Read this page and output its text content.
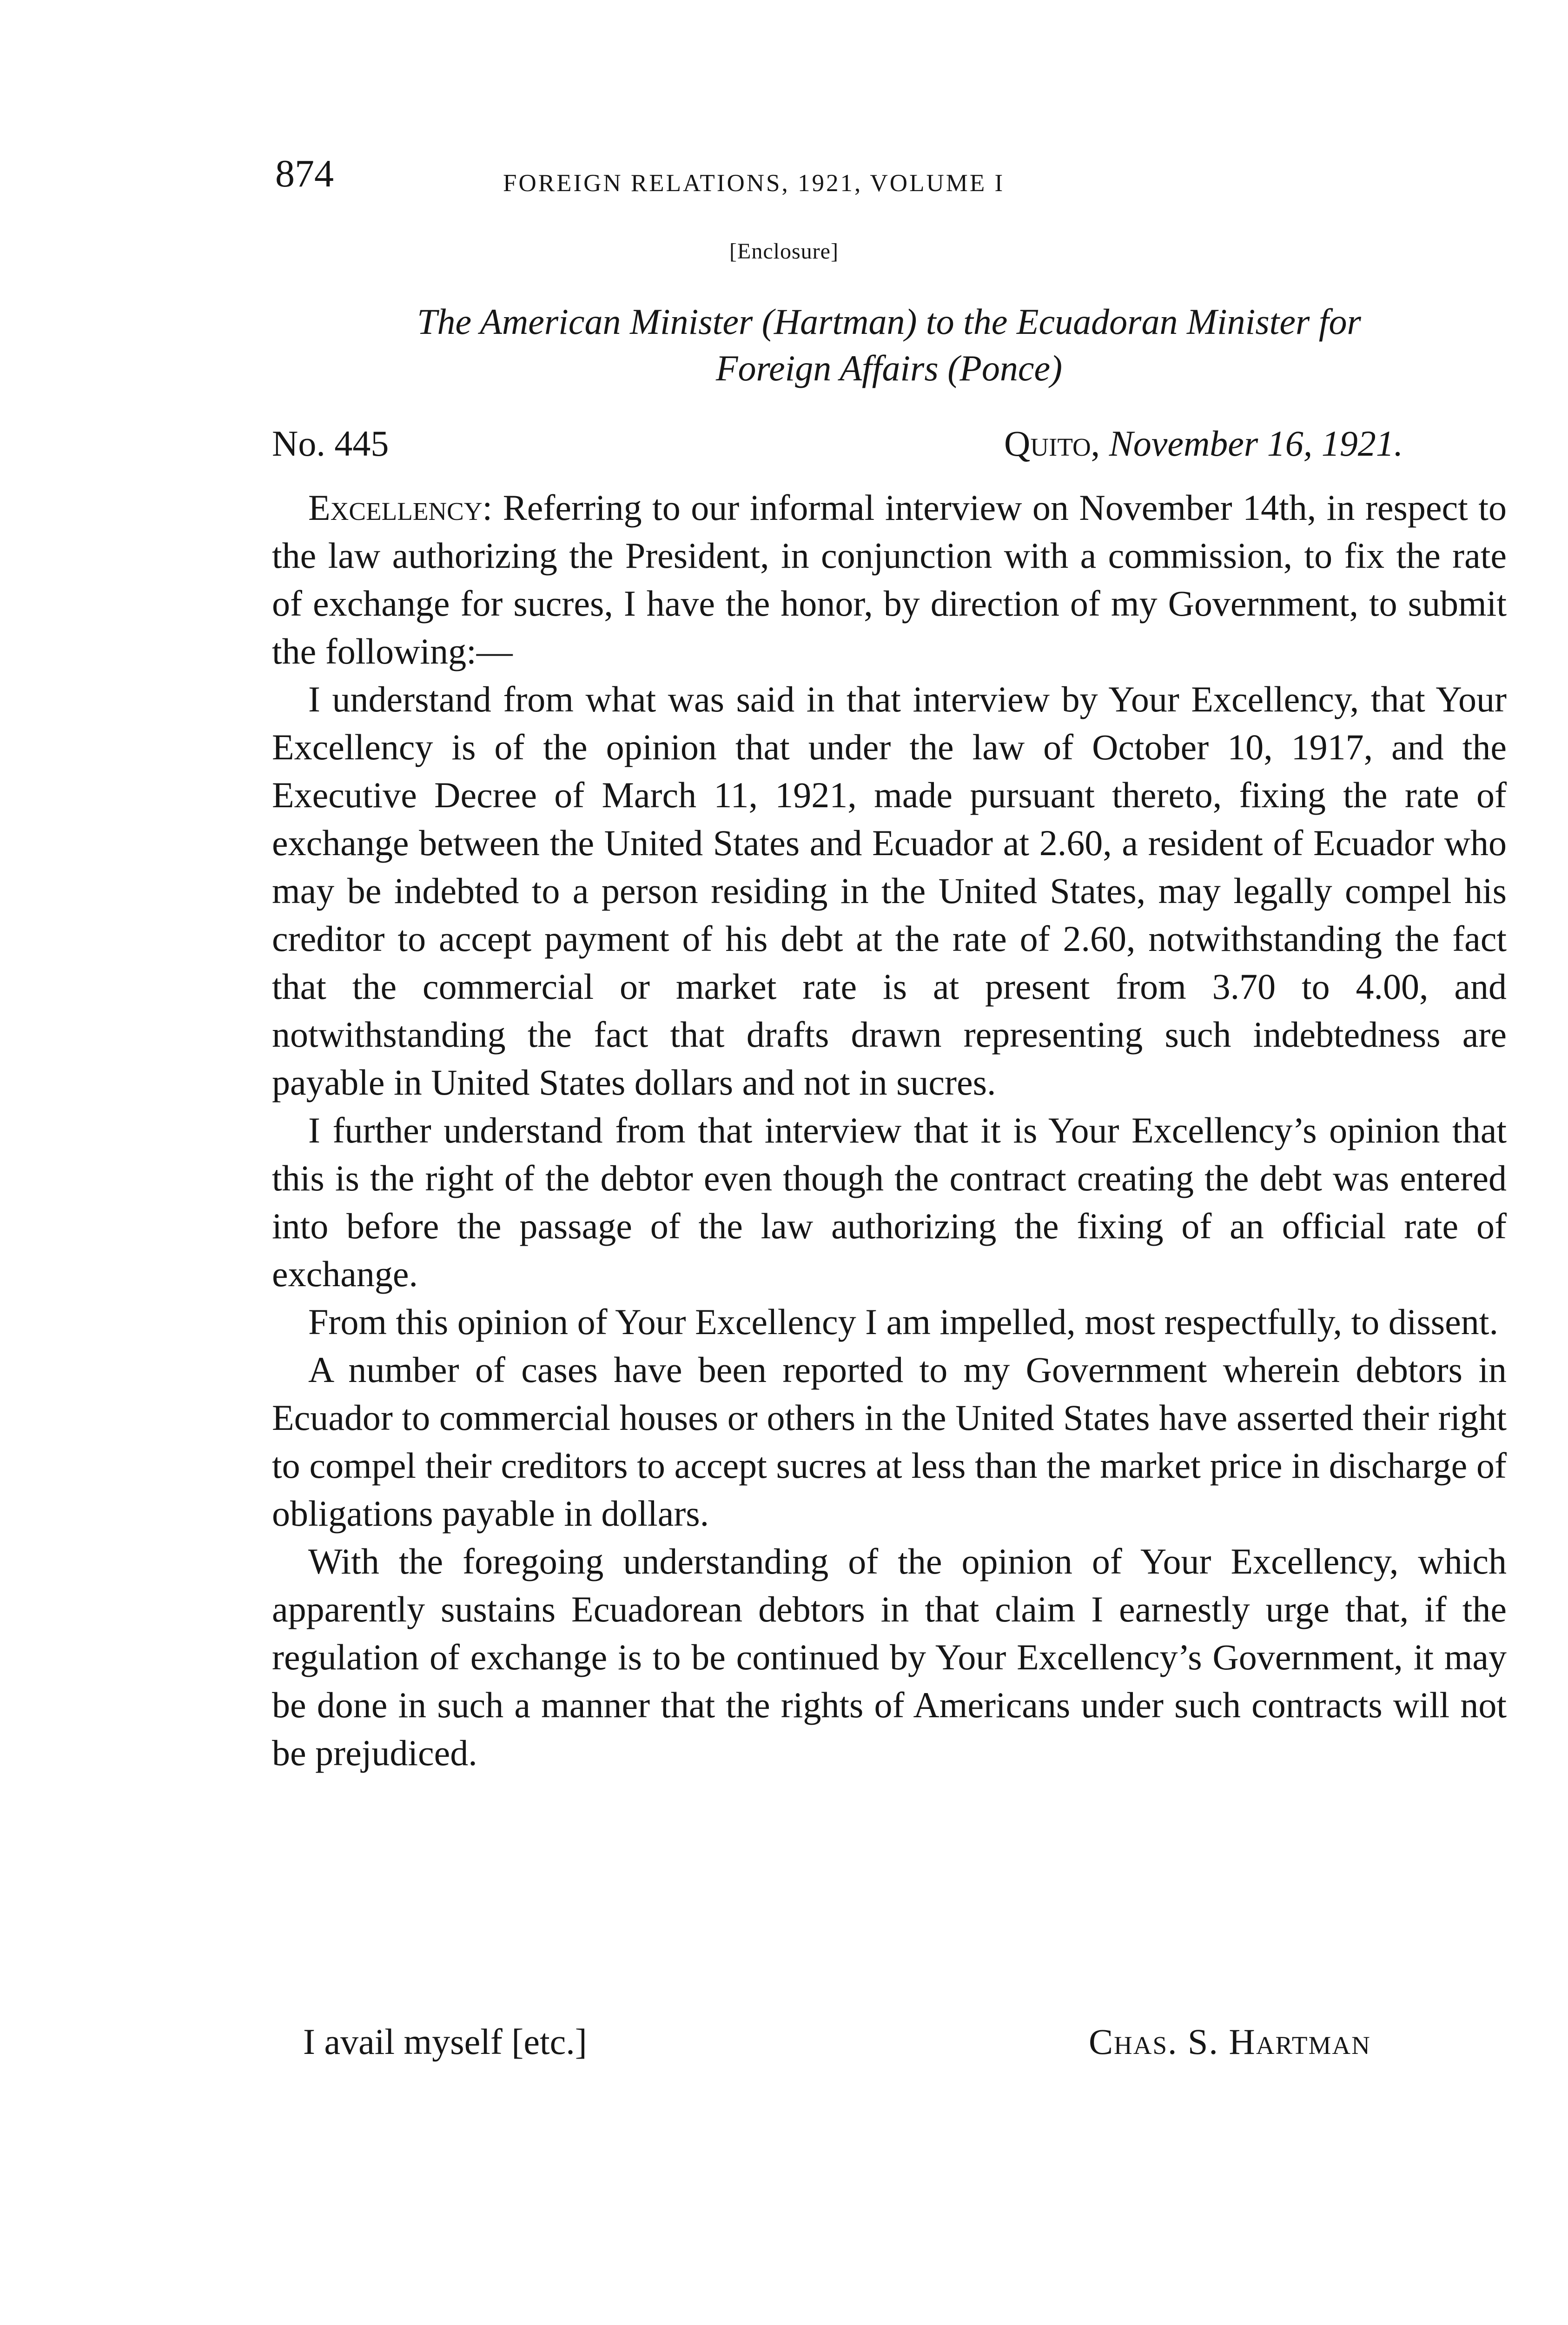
874	FOREIGN RELATIONS, 1921, VOLUME I
[Enclosure]
The American Minister (Hartman) to the Ecuadoran Minister for
Foreign Affairs (Ponce)
No. 445	Quito, November 16, 1921.

Excellency: Referring to our informal interview on November 14th, in respect to the law authorizing the President, in conjunction with a commission, to fix the rate of exchange for sucres, I have the honor, by direction of my Government, to submit the following:—

I understand from what was said in that interview by Your Excellency, that Your Excellency is of the opinion that under the law of October 10, 1917, and the Executive Decree of March 11, 1921, made pursuant thereto, fixing the rate of exchange between the United States and Ecuador at 2.60, a resident of Ecuador who may be indebted to a person residing in the United States, may legally compel his creditor to accept payment of his debt at the rate of 2.60, notwithstanding the fact that the commercial or market rate is at present from 3.70 to 4.00, and notwithstanding the fact that drafts drawn representing such indebtedness are payable in United States dollars and not in sucres.

I further understand from that interview that it is Your Excellency’s opinion that this is the right of the debtor even though the contract creating the debt was entered into before the passage of the law authorizing the fixing of an official rate of exchange.

From this opinion of Your Excellency I am impelled, most respectfully, to dissent.

A number of cases have been reported to my Government wherein debtors in Ecuador to commercial houses or others in the United States have asserted their right to compel their creditors to accept sucres at less than the market price in discharge of obligations payable in dollars.

With the foregoing understanding of the opinion of Your Excellency, which apparently sustains Ecuadorean debtors in that claim I earnestly urge that, if the regulation of exchange is to be continued by Your Excellency’s Government, it may be done in such a manner that the rights of Americans under such contracts will not be prejudiced.

I avail myself [etc.]	Chas. S. Hartman
